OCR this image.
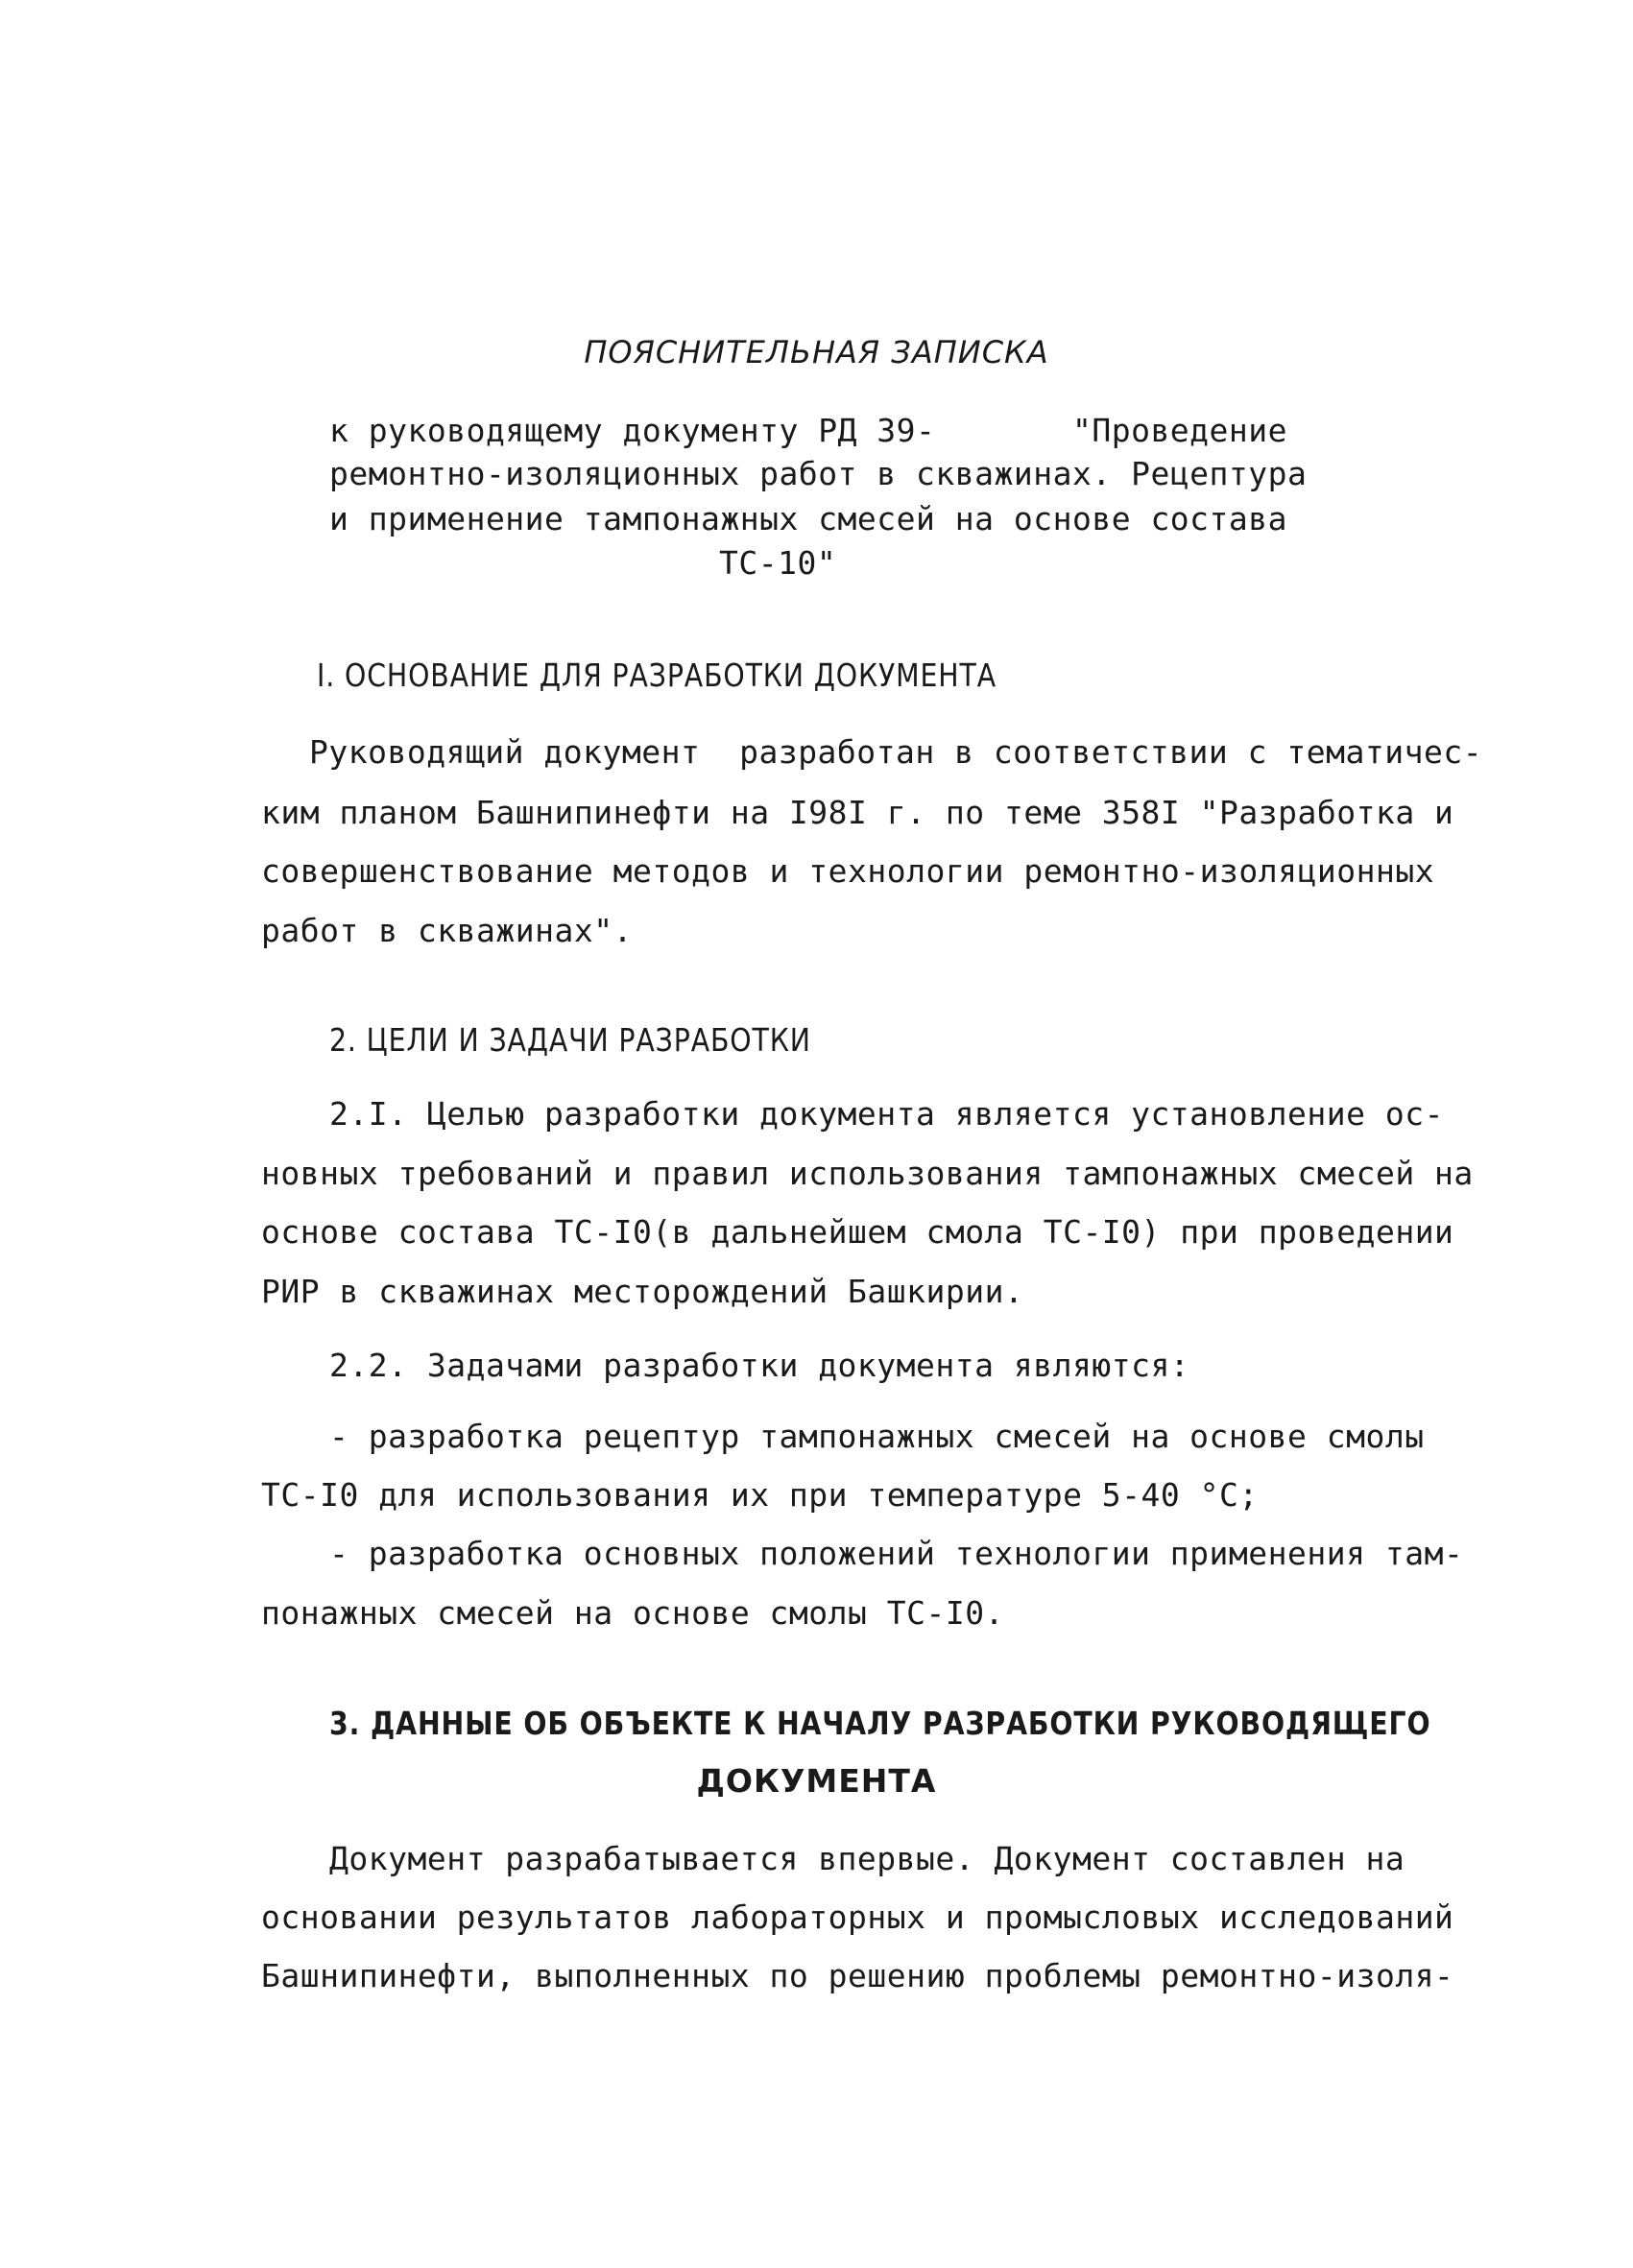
ПОЯСНИТЕЛЬНАЯ ЗАПИСКА
к руководящему документу РД 39-       "Проведение
ремонтно-изоляционных работ в скважинах. Рецептура
и применение тампонажных смесей на основе состава
ТС-10"
I. ОСНОВАНИЕ ДЛЯ РАЗРАБОТКИ ДОКУМЕНТА
Руководящий документ  разработан в соответствии с тематичес-
ким планом Башнипинефти на I98I г. по теме 358I "Разработка и
совершенствование методов и технологии ремонтно-изоляционных
работ в скважинах".
2. ЦЕЛИ И ЗАДАЧИ РАЗРАБОТКИ
2.I. Целью разработки документа является установление ос-
новных требований и правил использования тампонажных смесей на
основе состава ТС-I0(в дальнейшем смола ТС-I0) при проведении
РИР в скважинах месторождений Башкирии.
2.2. Задачами разработки документа являются:
- разработка рецептур тампонажных смесей на основе смолы
ТС-I0 для использования их при температуре 5-40 °С;
- разработка основных положений технологии применения там-
понажных смесей на основе смолы ТС-I0.
3. ДАННЫЕ ОБ ОБЪЕКТЕ К НАЧАЛУ РАЗРАБОТКИ РУКОВОДЯЩЕГО
ДОКУМЕНТА
Документ разрабатывается впервые. Документ составлен на
основании результатов лабораторных и промысловых исследований
Башнипинефти, выполненных по решению проблемы ремонтно-изоля-
